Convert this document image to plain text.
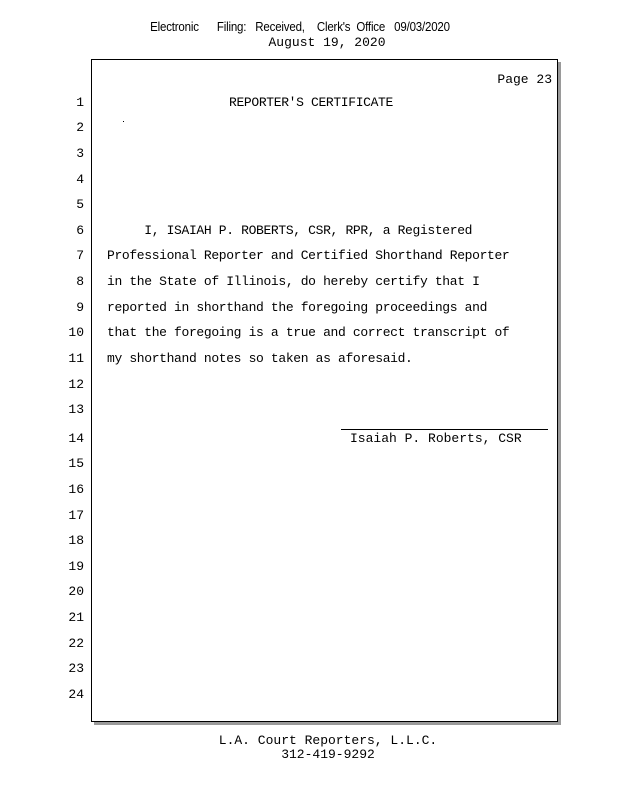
Electronic Filing: Received, Clerk's Office 09/03/2020
August 19, 2020
Page 23
1
2
3
4
5
6
7
8
9
10
11
12
13
14
15
16
17
18
19
20
21
22
23
24
REPORTER'S CERTIFICATE
I, ISAIAH P. ROBERTS, CSR, RPR, a Registered
Professional Reporter and Certified Shorthand Reporter
in the State of Illinois, do hereby certify that I
reported in shorthand the foregoing proceedings and
that the foregoing is a true and correct transcript of
my shorthand notes so taken as aforesaid.
Isaiah P. Roberts, CSR
L.A. Court Reporters, L.L.C.
312-419-9292
